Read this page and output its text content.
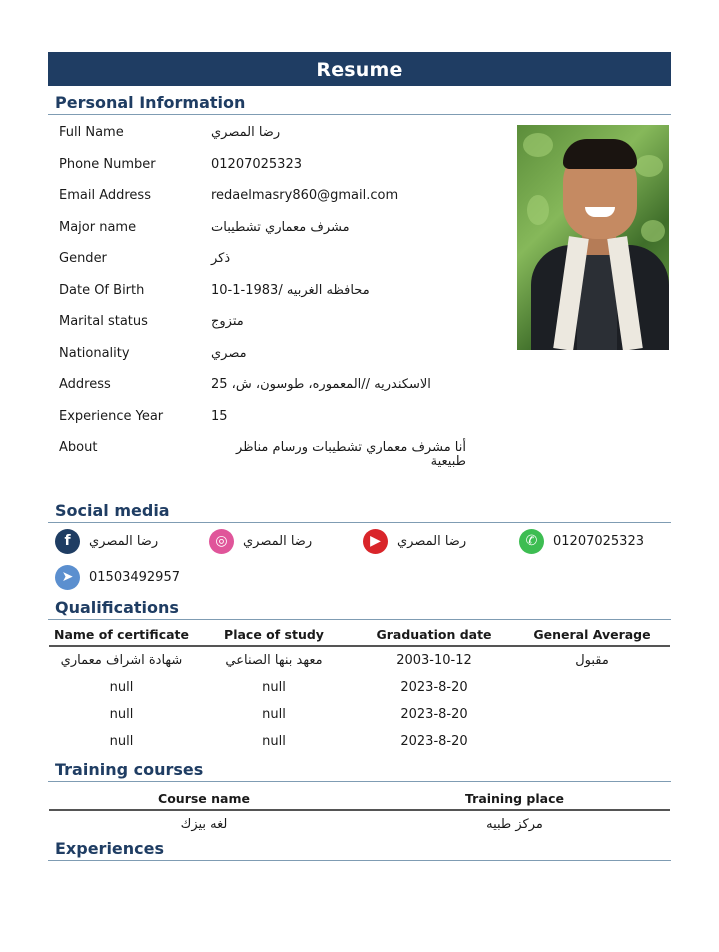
Resume
Personal Information
Full Name	رضا المصري
Phone Number	01207025323
Email Address	redaelmasry860@gmail.com
Major name	مشرف معماري تشطيبات
Gender	ذكر
Date Of Birth	محافظه الغربيه /1983-1-10
Marital status	متزوج
Nationality	مصري
Address	الاسكندريه //المعموره، طوسون، ش، 25
Experience Year	15
About	أنا مشرف معماري تشطيبات ورسام مناظر طبيعية
Social media
f	رضا المصري	◎	رضا المصري	▶	رضا المصري	✆	01207025323
➤	01503492957
Qualifications
Name of certificate	Place of study	Graduation date	General Average
شهادة اشراف معماري	معهد بنها الصناعي	2003-10-12	مقبول
null	null	2023-8-20	
null	null	2023-8-20	
null	null	2023-8-20	
Training courses
Course name	Training place
لغه بيزك	مركز طبيه
Experiences
